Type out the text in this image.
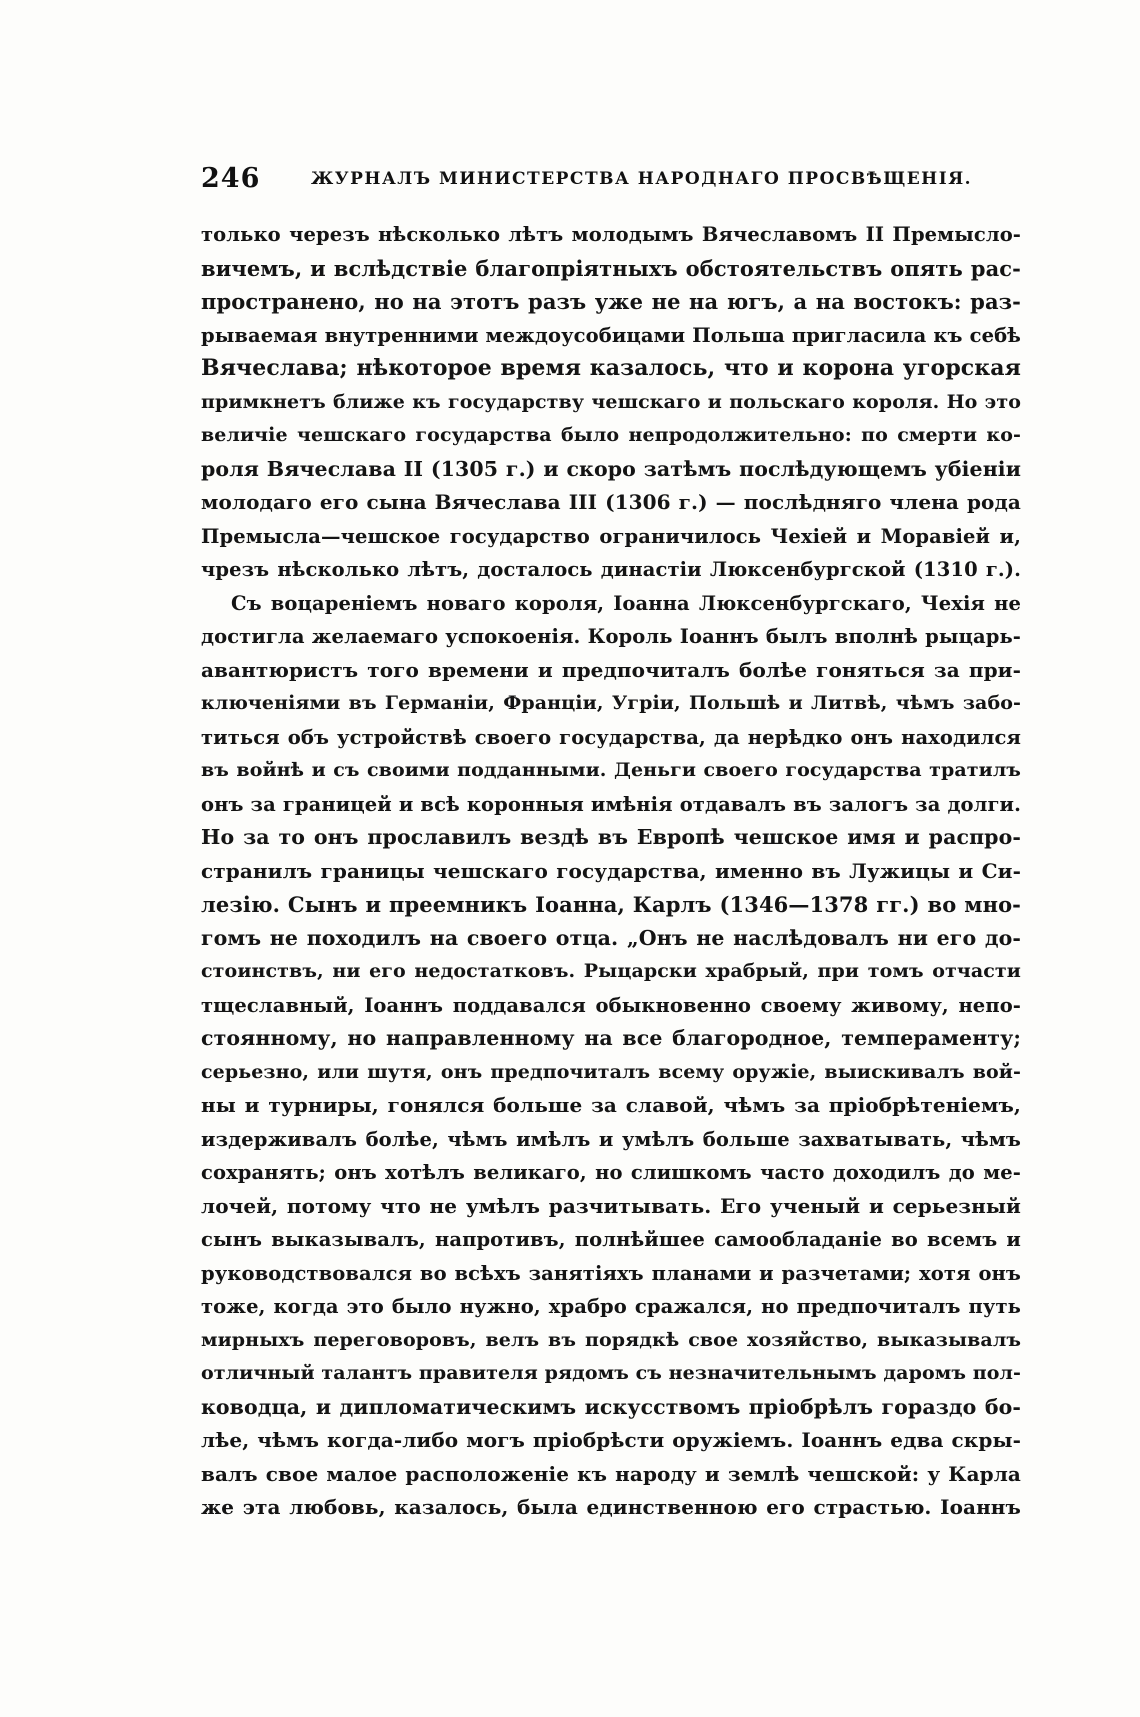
246	ЖУРНАЛЪ МИНИСТЕРСТВА НАРОДНАГО ПРОСВѢЩЕНІЯ.
только черезъ нѣсколько лѣтъ молодымъ Вячеславомъ II Премысло-
вичемъ, и вслѣдствіе благопріятныхъ обстоятельствъ опять рас-
пространено, но на этотъ разъ уже не на югъ, а на востокъ: раз-
рываемая внутренними междоусобицами Польша пригласила къ себѣ
Вячеслава; нѣкоторое время казалось, что и корона угорская
примкнетъ ближе къ государству чешскаго и польскаго короля. Но это
величіе чешскаго государства было непродолжительно: по смерти ко-
роля Вячеслава II (1305 г.) и скоро затѣмъ послѣдующемъ убіеніи
молодаго его сына Вячеслава III (1306 г.) — послѣдняго члена рода
Премысла—чешское государство ограничилось Чехіей и Моравіей и,
чрезъ нѣсколько лѣтъ, досталось династіи Люксенбургской (1310 г.).
Съ воцареніемъ новаго короля, Іоанна Люксенбургскаго, Чехія не
достигла желаемаго успокоенія. Король Іоаннъ былъ вполнѣ рыцарь-
авантюристъ того времени и предпочиталъ болѣе гоняться за при-
ключеніями въ Германіи, Франціи, Угріи, Польшѣ и Литвѣ, чѣмъ забо-
титься объ устройствѣ своего государства, да нерѣдко онъ находился
въ войнѣ и съ своими подданными. Деньги своего государства тратилъ
онъ за границей и всѣ коронныя имѣнія отдавалъ въ залогъ за долги.
Но за то онъ прославилъ вездѣ въ Европѣ чешское имя и распро-
странилъ границы чешскаго государства, именно въ Лужицы и Си-
лезію. Сынъ и преемникъ Іоанна, Карлъ (1346—1378 гг.) во мно-
гомъ не походилъ на своего отца. „Онъ не наслѣдовалъ ни его до-
стоинствъ, ни его недостатковъ. Рыцарски храбрый, при томъ отчасти
тщеславный, Іоаннъ поддавался обыкновенно своему живому, непо-
стоянному, но направленному на все благородное, темпераменту;
серьезно, или шутя, онъ предпочиталъ всему оружіе, выискивалъ вой-
ны и турниры, гонялся больше за славой, чѣмъ за пріобрѣтеніемъ,
издерживалъ болѣе, чѣмъ имѣлъ и умѣлъ больше захватывать, чѣмъ
сохранять; онъ хотѣлъ великаго, но слишкомъ часто доходилъ до ме-
лочей, потому что не умѣлъ разчитывать. Его ученый и серьезный
сынъ выказывалъ, напротивъ, полнѣйшее самообладаніе во всемъ и
руководствовался во всѣхъ занятіяхъ планами и разчетами; хотя онъ
тоже, когда это было нужно, храбро сражался, но предпочиталъ путь
мирныхъ переговоровъ, велъ въ порядкѣ свое хозяйство, выказывалъ
отличный талантъ правителя рядомъ съ незначительнымъ даромъ пол-
ководца, и дипломатическимъ искусствомъ пріобрѣлъ гораздо бо-
лѣе, чѣмъ когда-либо могъ пріобрѣсти оружіемъ. Іоаннъ едва скры-
валъ свое малое расположеніе къ народу и землѣ чешской: у Карла
же эта любовь, казалось, была единственною его страстью. Іоаннъ
